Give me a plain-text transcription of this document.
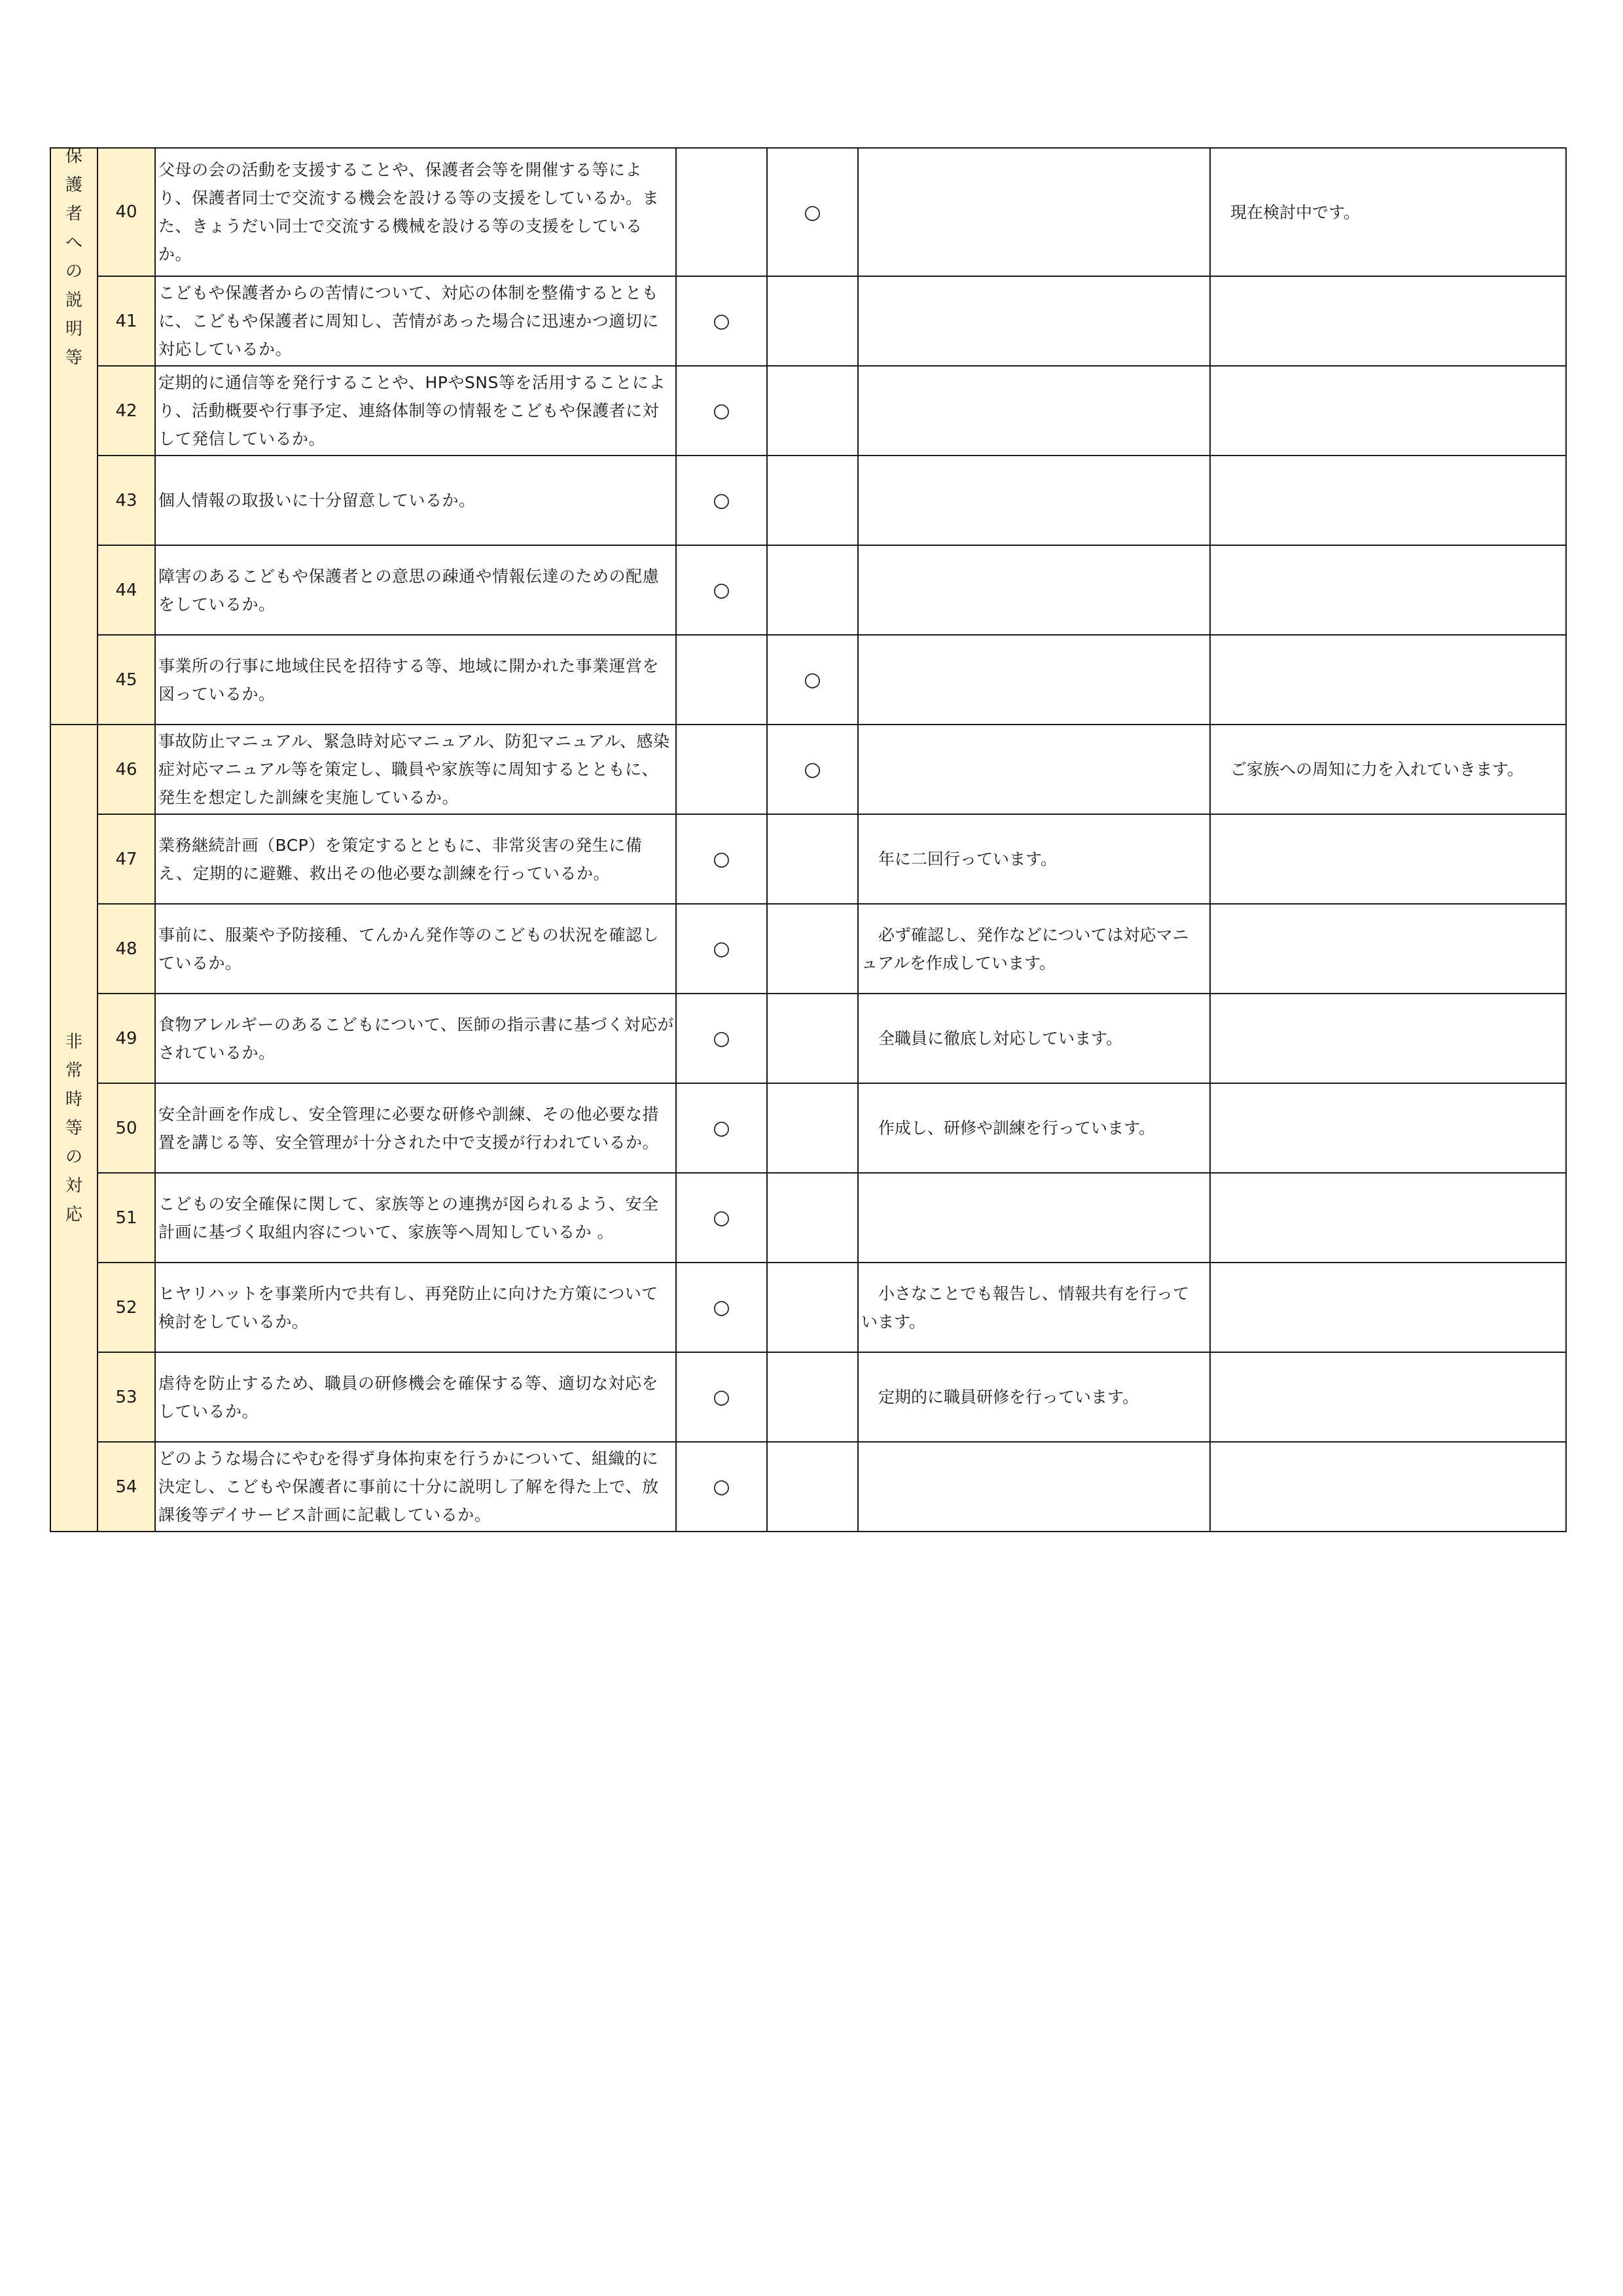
保護者への説明等	40	父母の会の活動を支援することや、保護者会等を開催する等により、保護者同士で交流する機会を設ける等の支援をしているか。また、きょうだい同士で交流する機械を設ける等の支援をしているか。		○		現在検討中です。
	41	こどもや保護者からの苦情について、対応の体制を整備するとともに、こどもや保護者に周知し、苦情があった場合に迅速かつ適切に対応しているか。	○			
	42	定期的に通信等を発行することや、HPやSNS等を活用することにより、活動概要や行事予定、連絡体制等の情報をこどもや保護者に対して発信しているか。	○			
	43	個人情報の取扱いに十分留意しているか。	○			
	44	障害のあるこどもや保護者との意思の疎通や情報伝達のための配慮をしているか。	○			
	45	事業所の行事に地域住民を招待する等、地域に開かれた事業運営を図っているか。		○		

非常時等の対応	46	事故防止マニュアル、緊急時対応マニュアル、防犯マニュアル、感染症対応マニュアル等を策定し、職員や家族等に周知するとともに、発生を想定した訓練を実施しているか。		○		ご家族への周知に力を入れていきます。
	47	業務継続計画（BCP）を策定するとともに、非常災害の発生に備え、定期的に避難、救出その他必要な訓練を行っているか。	○		年に二回行っています。	
	48	事前に、服薬や予防接種、てんかん発作等のこどもの状況を確認しているか。	○		必ず確認し、発作などについては対応マニュアルを作成しています。	
	49	食物アレルギーのあるこどもについて、医師の指示書に基づく対応がされているか。	○		全職員に徹底し対応しています。	
	50	安全計画を作成し、安全管理に必要な研修や訓練、その他必要な措置を講じる等、安全管理が十分された中で支援が行われているか。	○		作成し、研修や訓練を行っています。	
	51	こどもの安全確保に関して、家族等との連携が図られるよう、安全計画に基づく取組内容について、家族等へ周知しているか 。	○			
	52	ヒヤリハットを事業所内で共有し、再発防止に向けた方策について検討をしているか。	○		小さなことでも報告し、情報共有を行っています。	
	53	虐待を防止するため、職員の研修機会を確保する等、適切な対応をしているか。	○		定期的に職員研修を行っています。	
	54	どのような場合にやむを得ず身体拘束を行うかについて、組織的に決定し、こどもや保護者に事前に十分に説明し了解を得た上で、放課後等デイサービス計画に記載しているか。	○			
